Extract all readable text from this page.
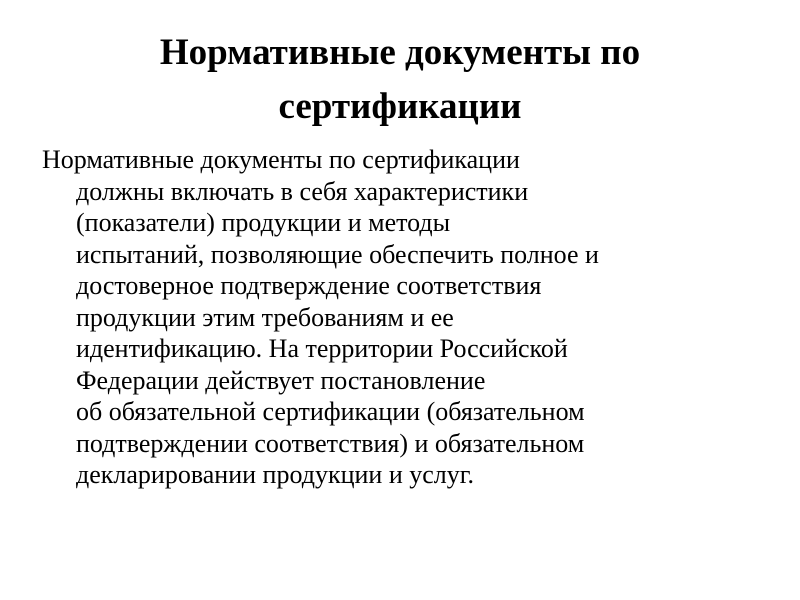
Нормативные документы по
сертификации
Нормативные документы по сертификации
должны включать в себя характеристики
(показатели) продукции и методы
испытаний, позволяющие обеспечить полное и
достоверное подтверждение соответствия
продукции этим требованиям и ее
идентификацию. На территории Российской
Федерации действует постановление
об обязательной сертификации (обязательном
подтверждении соответствия) и обязательном
декларировании продукции и услуг.
